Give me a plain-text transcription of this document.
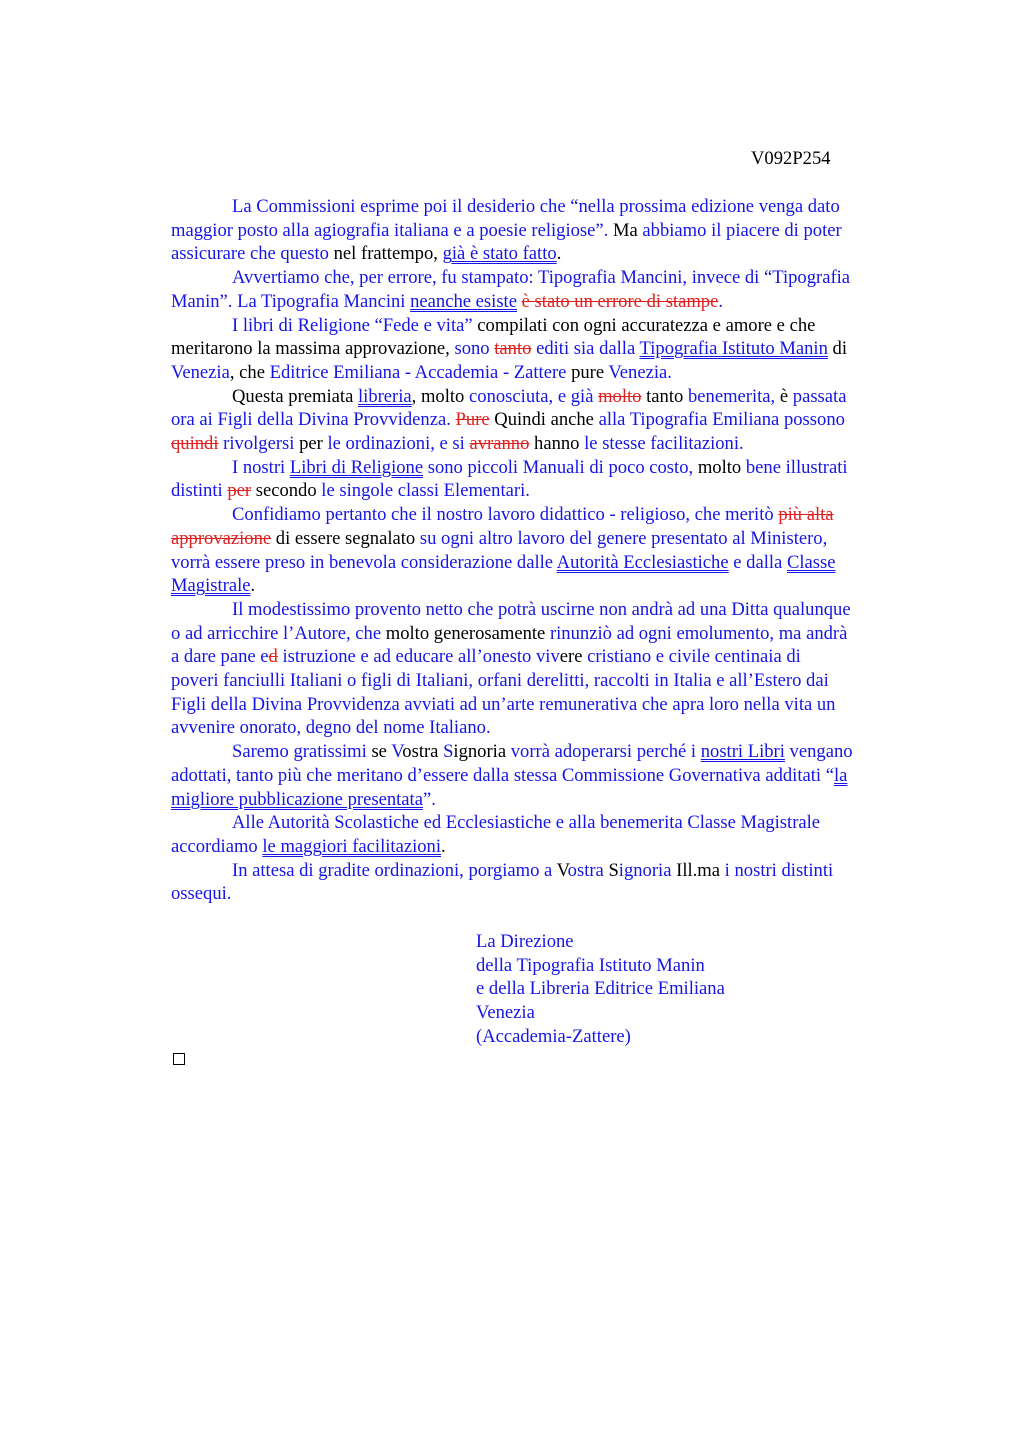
V092P254

La Commissioni esprime poi il desiderio che “nella prossima edizione venga dato
maggior posto alla agiografia italiana e a poesie religiose”. Ma abbiamo il piacere di poter
assicurare che questo nel frattempo, già è stato fatto.

Avvertiamo che, per errore, fu stampato: Tipografia Mancini, invece di “Tipografia
Manin”. La Tipografia Mancini neanche esiste è stato un errore di stampe.

I libri di Religione “Fede e vita” compilati con ogni accuratezza e amore e che
meritarono la massima approvazione, sono tanto editi sia dalla Tipografia Istituto Manin di
Venezia, che Editrice Emiliana - Accademia - Zattere pure Venezia.

Questa premiata libreria, molto conosciuta, e già molto tanto benemerita, è passata
ora ai Figli della Divina Provvidenza. Pure Quindi anche alla Tipografia Emiliana possono
quindi rivolgersi per le ordinazioni, e si avranno hanno le stesse facilitazioni.

I nostri Libri di Religione sono piccoli Manuali di poco costo, molto bene illustrati
distinti per secondo le singole classi Elementari.

Confidiamo pertanto che il nostro lavoro didattico - religioso, che meritò più alta
approvazione di essere segnalato su ogni altro lavoro del genere presentato al Ministero,
vorrà essere preso in benevola considerazione dalle Autorità Ecclesiastiche e dalla Classe
Magistrale.

Il modestissimo provento netto che potrà uscirne non andrà ad una Ditta qualunque
o ad arricchire l’Autore, che molto generosamente rinunziò ad ogni emolumento, ma andrà
a dare pane ed istruzione e ad educare all’onesto vivere cristiano e civile centinaia di
poveri fanciulli Italiani o figli di Italiani, orfani derelitti, raccolti in Italia e all’Estero dai
Figli della Divina Provvidenza avviati ad un’arte remunerativa che apra loro nella vita un
avvenire onorato, degno del nome Italiano.

Saremo gratissimi se Vostra Signoria vorrà adoperarsi perché i nostri Libri vengano
adottati, tanto più che meritano d’essere dalla stessa Commissione Governativa additati “la
migliore pubblicazione presentata”.

Alle Autorità Scolastiche ed Ecclesiastiche e alla benemerita Classe Magistrale
accordiamo le maggiori facilitazioni.

In attesa di gradite ordinazioni, porgiamo a Vostra Signoria Ill.ma i nostri distinti
ossequi.

La Direzione
della Tipografia Istituto Manin
e della Libreria Editrice Emiliana
Venezia
(Accademia-Zattere)
